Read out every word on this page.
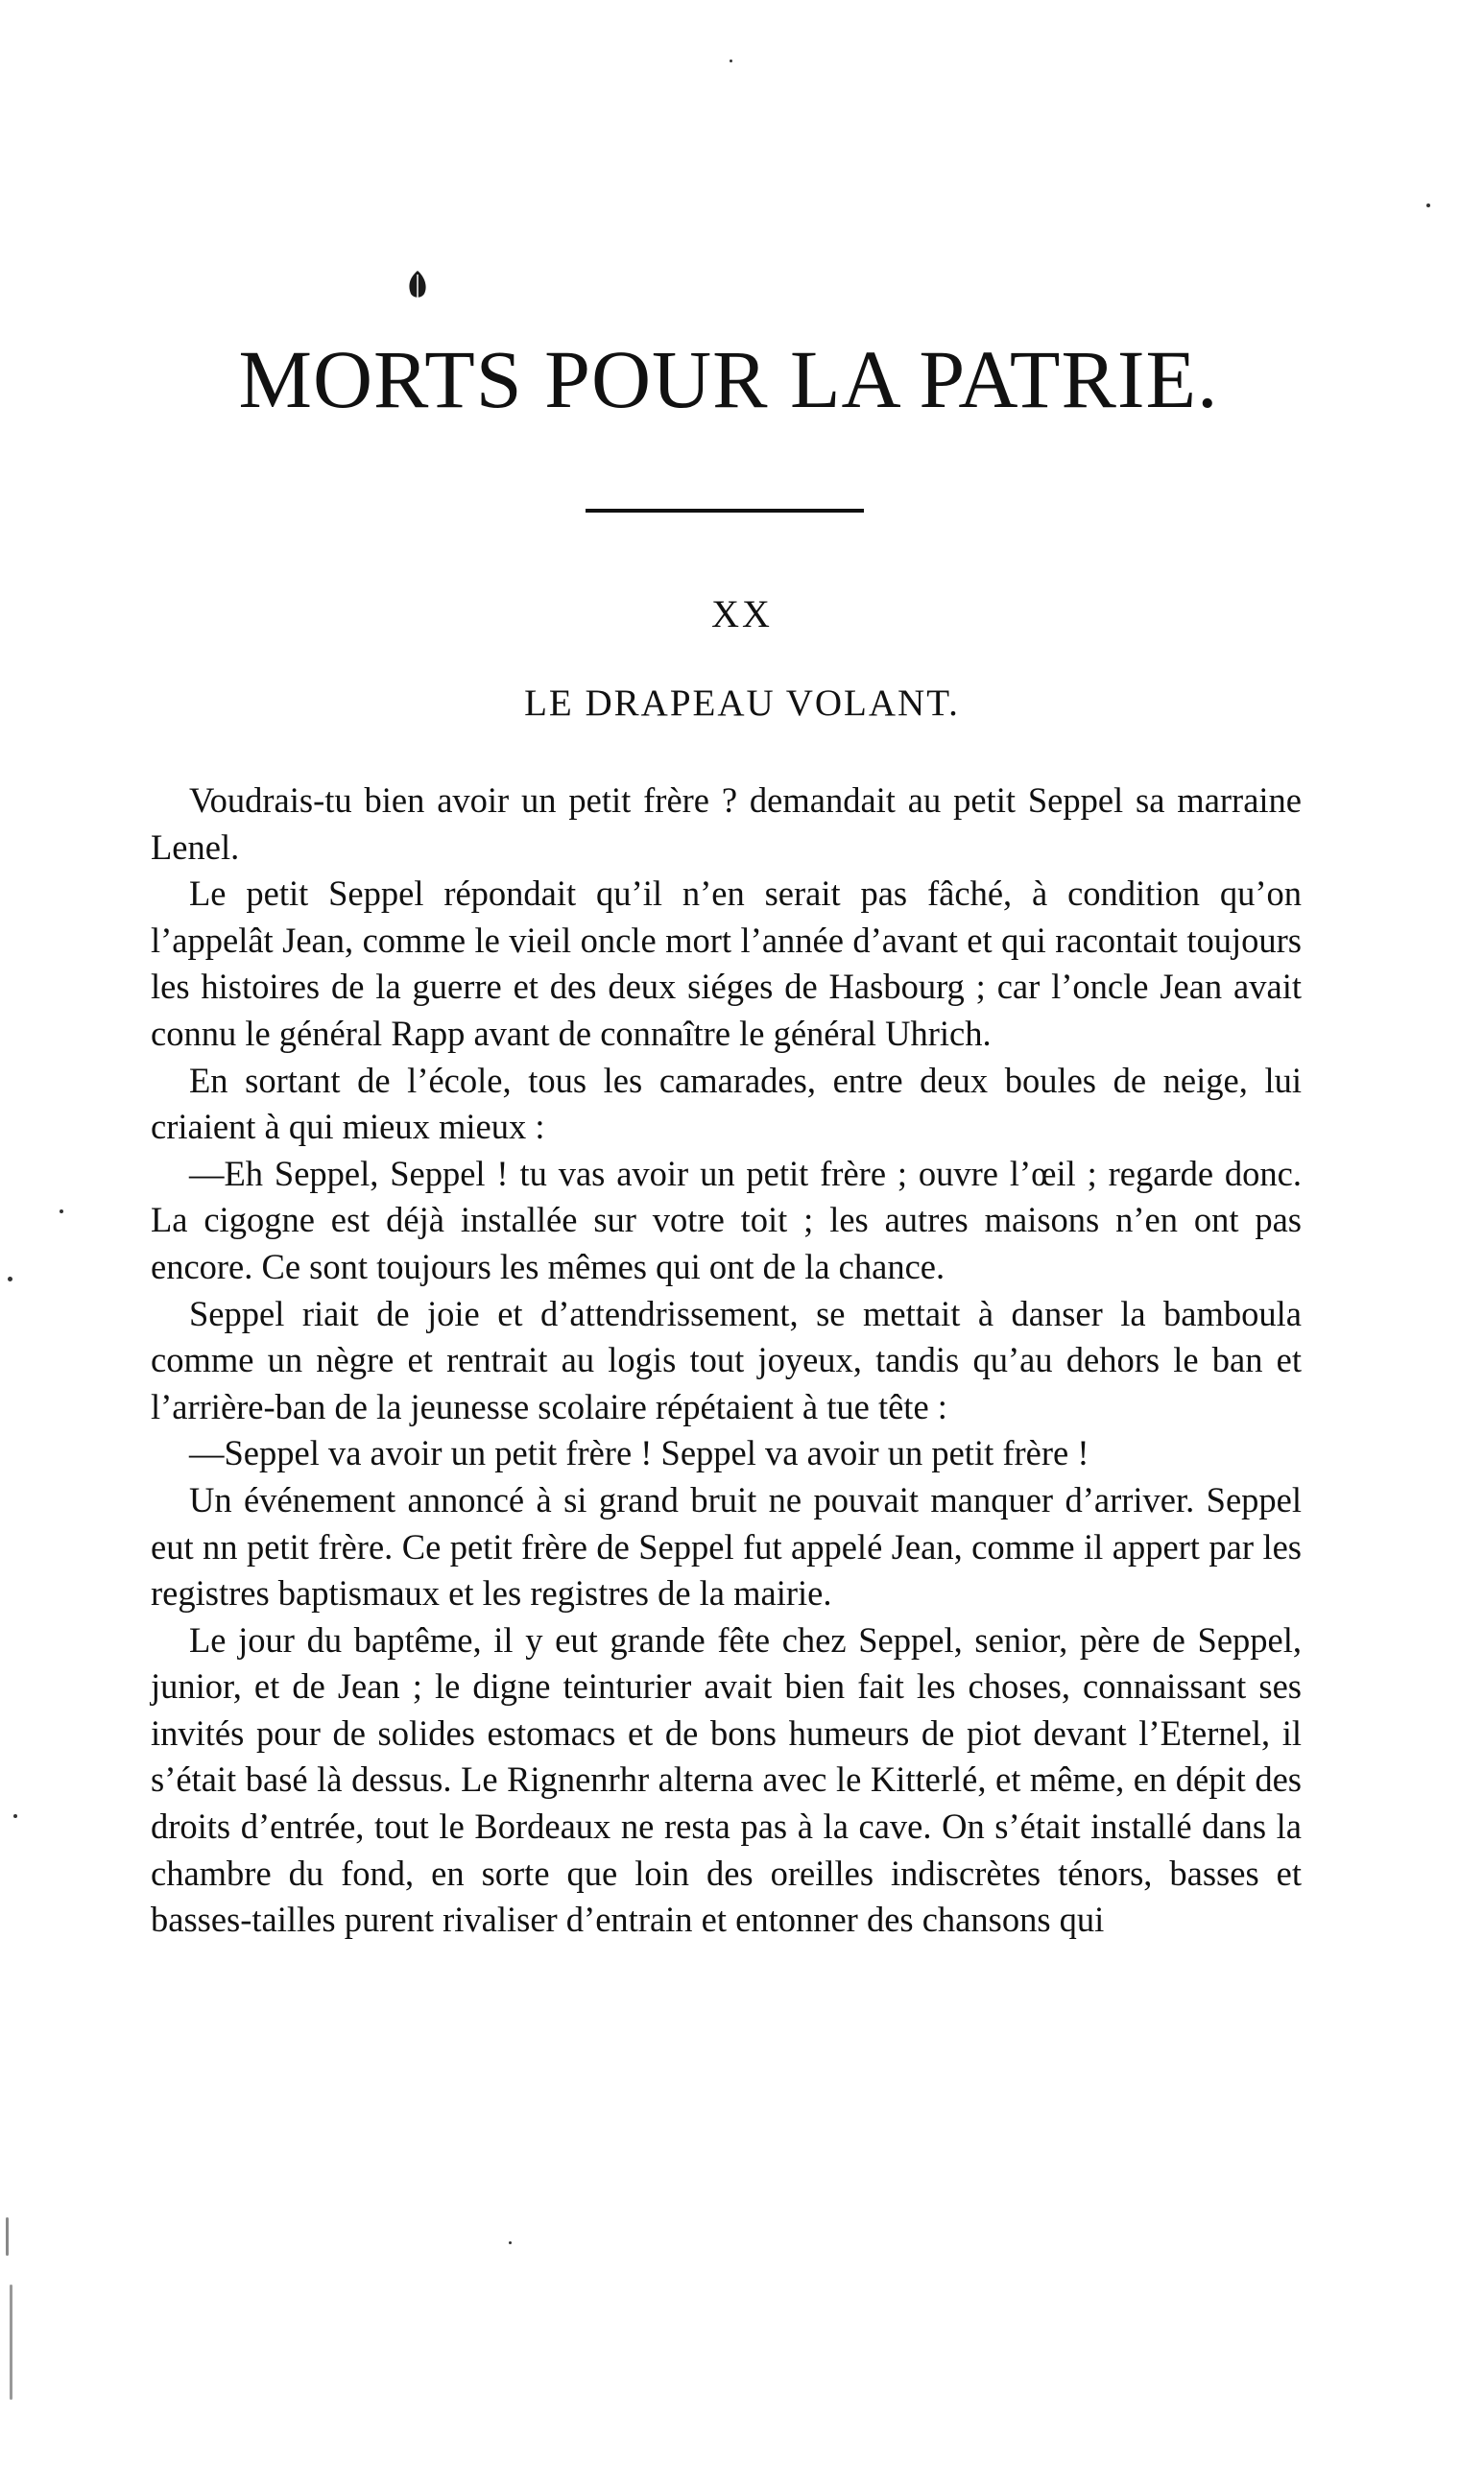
MORTS POUR LA PATRIE.
XX
LE DRAPEAU VOLANT.

Voudrais-tu bien avoir un petit frère ? demandait au petit Seppel sa marraine Lenel.

Le petit Seppel répondait qu’il n’en serait pas fâché, à condition qu’on l’appelât Jean, comme le vieil oncle mort l’année d’avant et qui racontait toujours les histoires de la guerre et des deux siéges de Hasbourg ; car l’oncle Jean avait connu le général Rapp avant de connaître le général Uhrich.

En sortant de l’école, tous les camarades, entre deux boules de neige, lui criaient à qui mieux mieux :

—Eh Seppel, Seppel ! tu vas avoir un petit frère ; ouvre l’œil ; regarde donc. La cigogne est déjà installée sur votre toit ; les autres maisons n’en ont pas encore. Ce sont toujours les mêmes qui ont de la chance.

Seppel riait de joie et d’attendrissement, se mettait à danser la bamboula comme un nègre et rentrait au logis tout joyeux, tandis qu’au dehors le ban et l’arrière-ban de la jeunesse scolaire répétaient à tue tête :

—Seppel va avoir un petit frère ! Seppel va avoir un petit frère !

Un événement annoncé à si grand bruit ne pouvait manquer d’arriver. Seppel eut nn petit frère. Ce petit frère de Seppel fut appelé Jean, comme il appert par les registres baptismaux et les registres de la mairie.

Le jour du baptême, il y eut grande fête chez Seppel, senior, père de Seppel, junior, et de Jean ; le digne teinturier avait bien fait les choses, connaissant ses invités pour de solides estomacs et de bons humeurs de piot devant l’Eternel, il s’était basé là dessus. Le Rignenrhr alterna avec le Kitterlé, et même, en dépit des droits d’entrée, tout le Bordeaux ne resta pas à la cave. On s’était installé dans la chambre du fond, en sorte que loin des oreilles indiscrètes ténors, basses et basses-tailles purent rivaliser d’entrain et entonner des chansons qui
